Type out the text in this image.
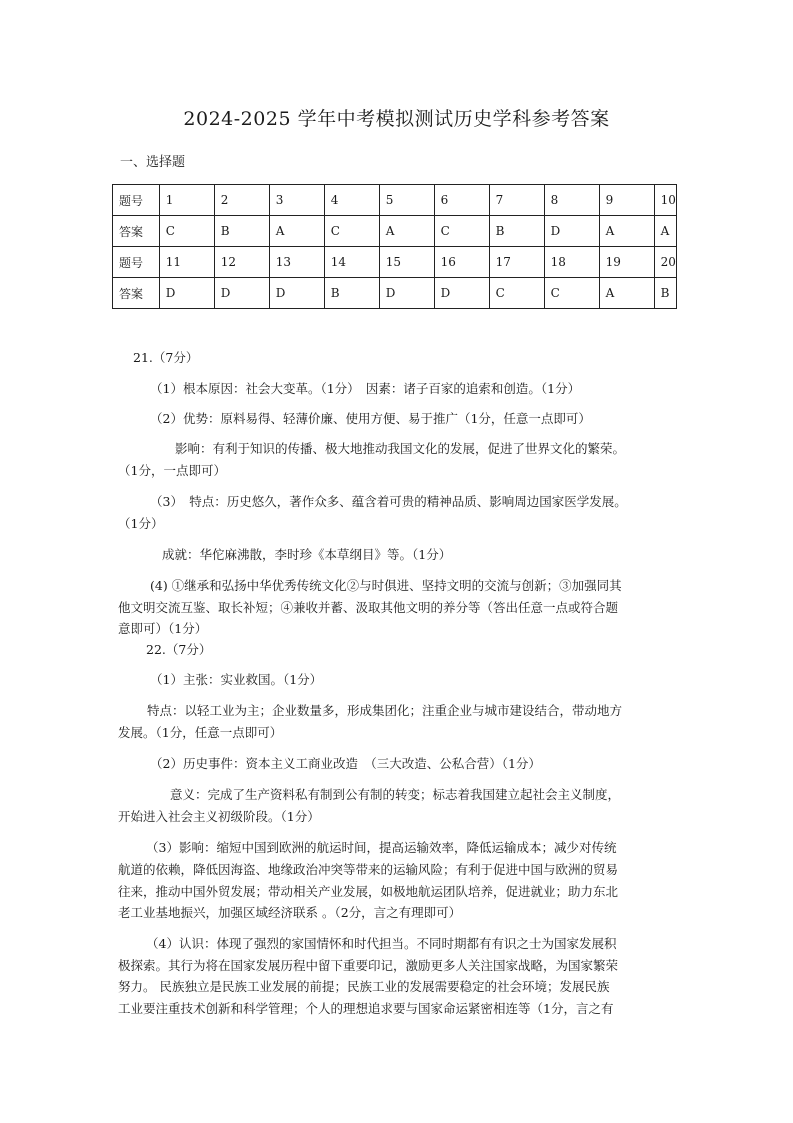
2024-2025 学年中考模拟测试历史学科参考答案
一、选择题
题号	1	2	3	4	5	6	7	8	9	10
答案	C	B	A	C	A	C	B	D	A	A
题号	11	12	13	14	15	16	17	18	19	20
答案	D	D	D	B	D	D	C	C	A	B

21.（7分）

（1）根本原因：社会大变革。（1分）　因素：诸子百家的追索和创造。（1分）

（2）优势：原料易得、轻薄价廉、使用方便、易于推广（1分，任意一点即可）

影响：有利于知识的传播、极大地推动我国文化的发展，促进了世界文化的繁荣。

（1分，一点即可）

（3）　特点：历史悠久，著作众多、蕴含着可贵的精神品质、影响周边国家医学发展。

（1分）

成就：华佗麻沸散，李时珍《本草纲目》等。（1分）

(4) ①继承和弘扬中华优秀传统文化②与时俱进、坚持文明的交流与创新；③加强同其

他文明交流互鉴、取长补短；④兼收并蓄、汲取其他文明的养分等（答出任意一点或符合题

意即可）（1分）

22.（7分）

（1）主张：实业救国。（1分）

特点：以轻工业为主；企业数量多，形成集团化；注重企业与城市建设结合，带动地方

发展。（1分，任意一点即可）

（2）历史事件：资本主义工商业改造　（三大改造、公私合营）（1分）

意义：完成了生产资料私有制到公有制的转变；标志着我国建立起社会主义制度，

开始进入社会主义初级阶段。（1分）

（3）影响：缩短中国到欧洲的航运时间，提高运输效率，降低运输成本；减少对传统

航道的依赖，降低因海盗、地缘政治冲突等带来的运输风险；有利于促进中国与欧洲的贸易

往来，推动中国外贸发展；带动相关产业发展，如极地航运团队培养，促进就业；助力东北

老工业基地振兴，加强区域经济联系 。（2分，言之有理即可）

（4）认识：体现了强烈的家国情怀和时代担当。不同时期都有有识之士为国家发展积

极探索。其行为将在国家发展历程中留下重要印记，激励更多人关注国家战略，为国家繁荣

努力。 民族独立是民族工业发展的前提；民族工业的发展需要稳定的社会环境；发展民族

工业要注重技术创新和科学管理；个人的理想追求要与国家命运紧密相连等（1分，言之有
